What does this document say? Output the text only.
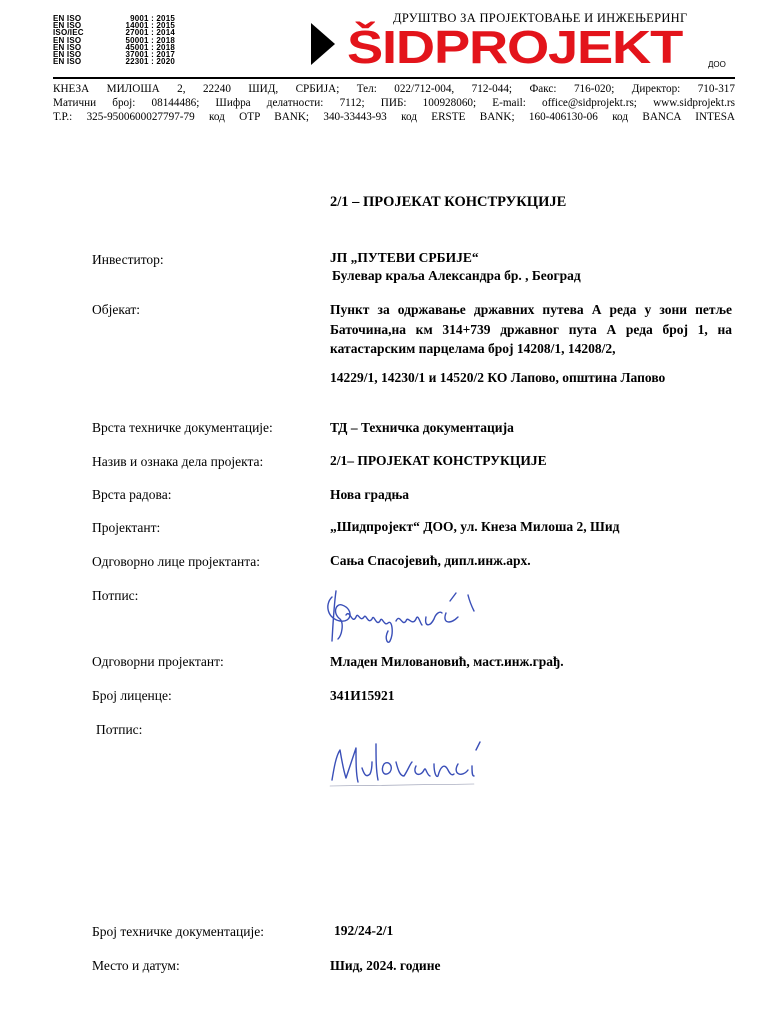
EN ISO	9001 : 2015
EN ISO	14001 : 2015
ISO/IEC	27001 : 2014
EN ISO	50001 : 2018
EN ISO	45001 : 2018
EN ISO	37001 : 2017
EN ISO	22301 : 2020
ДРУШТВО ЗА ПРОЈЕКТОВАЊЕ И ИНЖЕЊЕРИНГ
ŠIDPROJEKT	ДОО
КНЕЗА МИЛОША 2, 22240 ШИД, СРБИЈА; Тел: 022/712-004, 712-044; Факс: 716-020; Директор: 710-317
Матични број: 08144486; Шифра делатности: 7112; ПИБ: 100928060; E-mail: office@sidprojekt.rs; www.sidprojekt.rs
Т.Р.: 325-9500600027797-79 код OTP BANK; 340-33443-93 код ERSTE BANK; 160-406130-06 код BANCA INTESA
2/1 – ПРОЈЕКАТ КОНСТРУКЦИЈЕ
Инвеститор:	ЈП „ПУТЕВИ СРБИЈЕ“
Булевар краља Александра бр. , Београд
Објекат:	Пункт за одржавање државних путева А реда у зони петље Баточина,на км 314+739 државног пута А реда број 1, на катастарским парцелама број 14208/1, 14208/2,
14229/1, 14230/1 и 14520/2 КО Лапово, општина Лапово
Врста техничке документације:	ТД – Техничка документација
Назив и ознака дела пројекта:	2/1– ПРОЈЕКАТ КОНСТРУКЦИЈЕ
Врста радова:	Нова градња
Пројектант:	„Шидпројект“ ДОО, ул. Кнеза Милоша 2, Шид
Одговорно лице пројектанта:	Сања Спасојевић, дипл.инж.арх.
Потпис:
Одговорни пројектант:	Младен Миловановић, маст.инж.грађ.
Број лиценце:	341И15921
Потпис:
Број техничке документације:	192/24-2/1
Место и датум:	Шид, 2024. године
